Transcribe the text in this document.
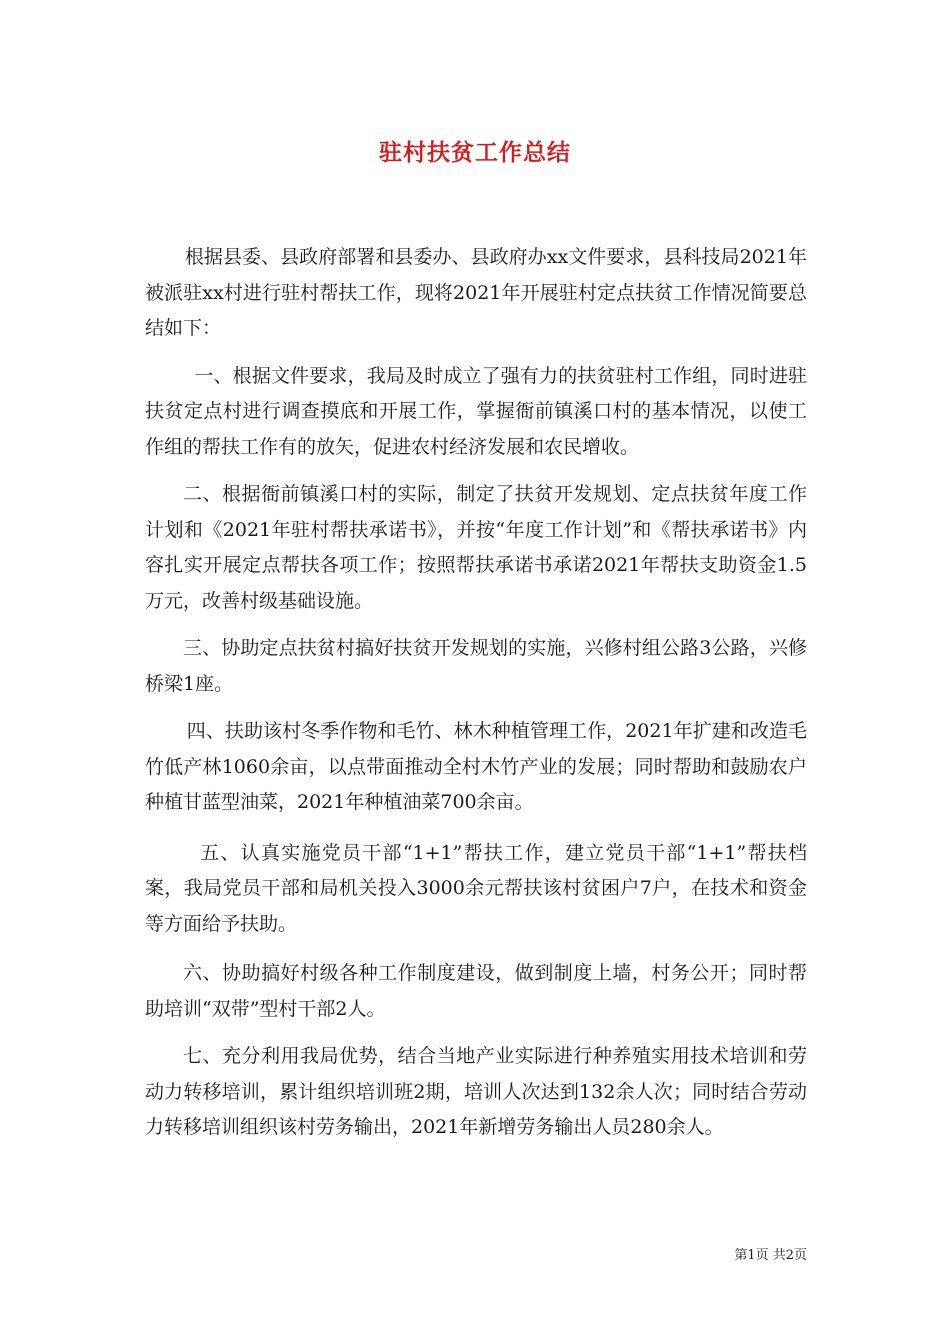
驻村扶贫工作总结

根据县委、县政府部署和县委办、县政府办xx文件要求，县科技局2021年被派驻xx村进行驻村帮扶工作，现将2021年开展驻村定点扶贫工作情况简要总结如下：

一、根据文件要求，我局及时成立了强有力的扶贫驻村工作组，同时进驻扶贫定点村进行调查摸底和开展工作，掌握衙前镇溪口村的基本情况，以使工作组的帮扶工作有的放矢，促进农村经济发展和农民增收。

二、根据衙前镇溪口村的实际，制定了扶贫开发规划、定点扶贫年度工作计划和《2021年驻村帮扶承诺书》，并按“年度工作计划”和《帮扶承诺书》内容扎实开展定点帮扶各项工作；按照帮扶承诺书承诺2021年帮扶支助资金1.5万元，改善村级基础设施。

三、协助定点扶贫村搞好扶贫开发规划的实施，兴修村组公路3公路，兴修桥梁1座。

四、扶助该村冬季作物和毛竹、林木种植管理工作，2021年扩建和改造毛竹低产林1060余亩，以点带面推动全村木竹产业的发展；同时帮助和鼓励农户种植甘蓝型油菜，2021年种植油菜700余亩。

五、认真实施党员干部“1+1”帮扶工作，建立党员干部“1+1”帮扶档案，我局党员干部和局机关投入3000余元帮扶该村贫困户7户，在技术和资金等方面给予扶助。

六、协助搞好村级各种工作制度建设，做到制度上墙，村务公开；同时帮助培训“双带”型村干部2人。

七、充分利用我局优势，结合当地产业实际进行种养殖实用技术培训和劳动力转移培训，累计组织培训班2期，培训人次达到132余人次；同时结合劳动力转移培训组织该村劳务输出，2021年新增劳务输出人员280余人。

第1页 共2页
